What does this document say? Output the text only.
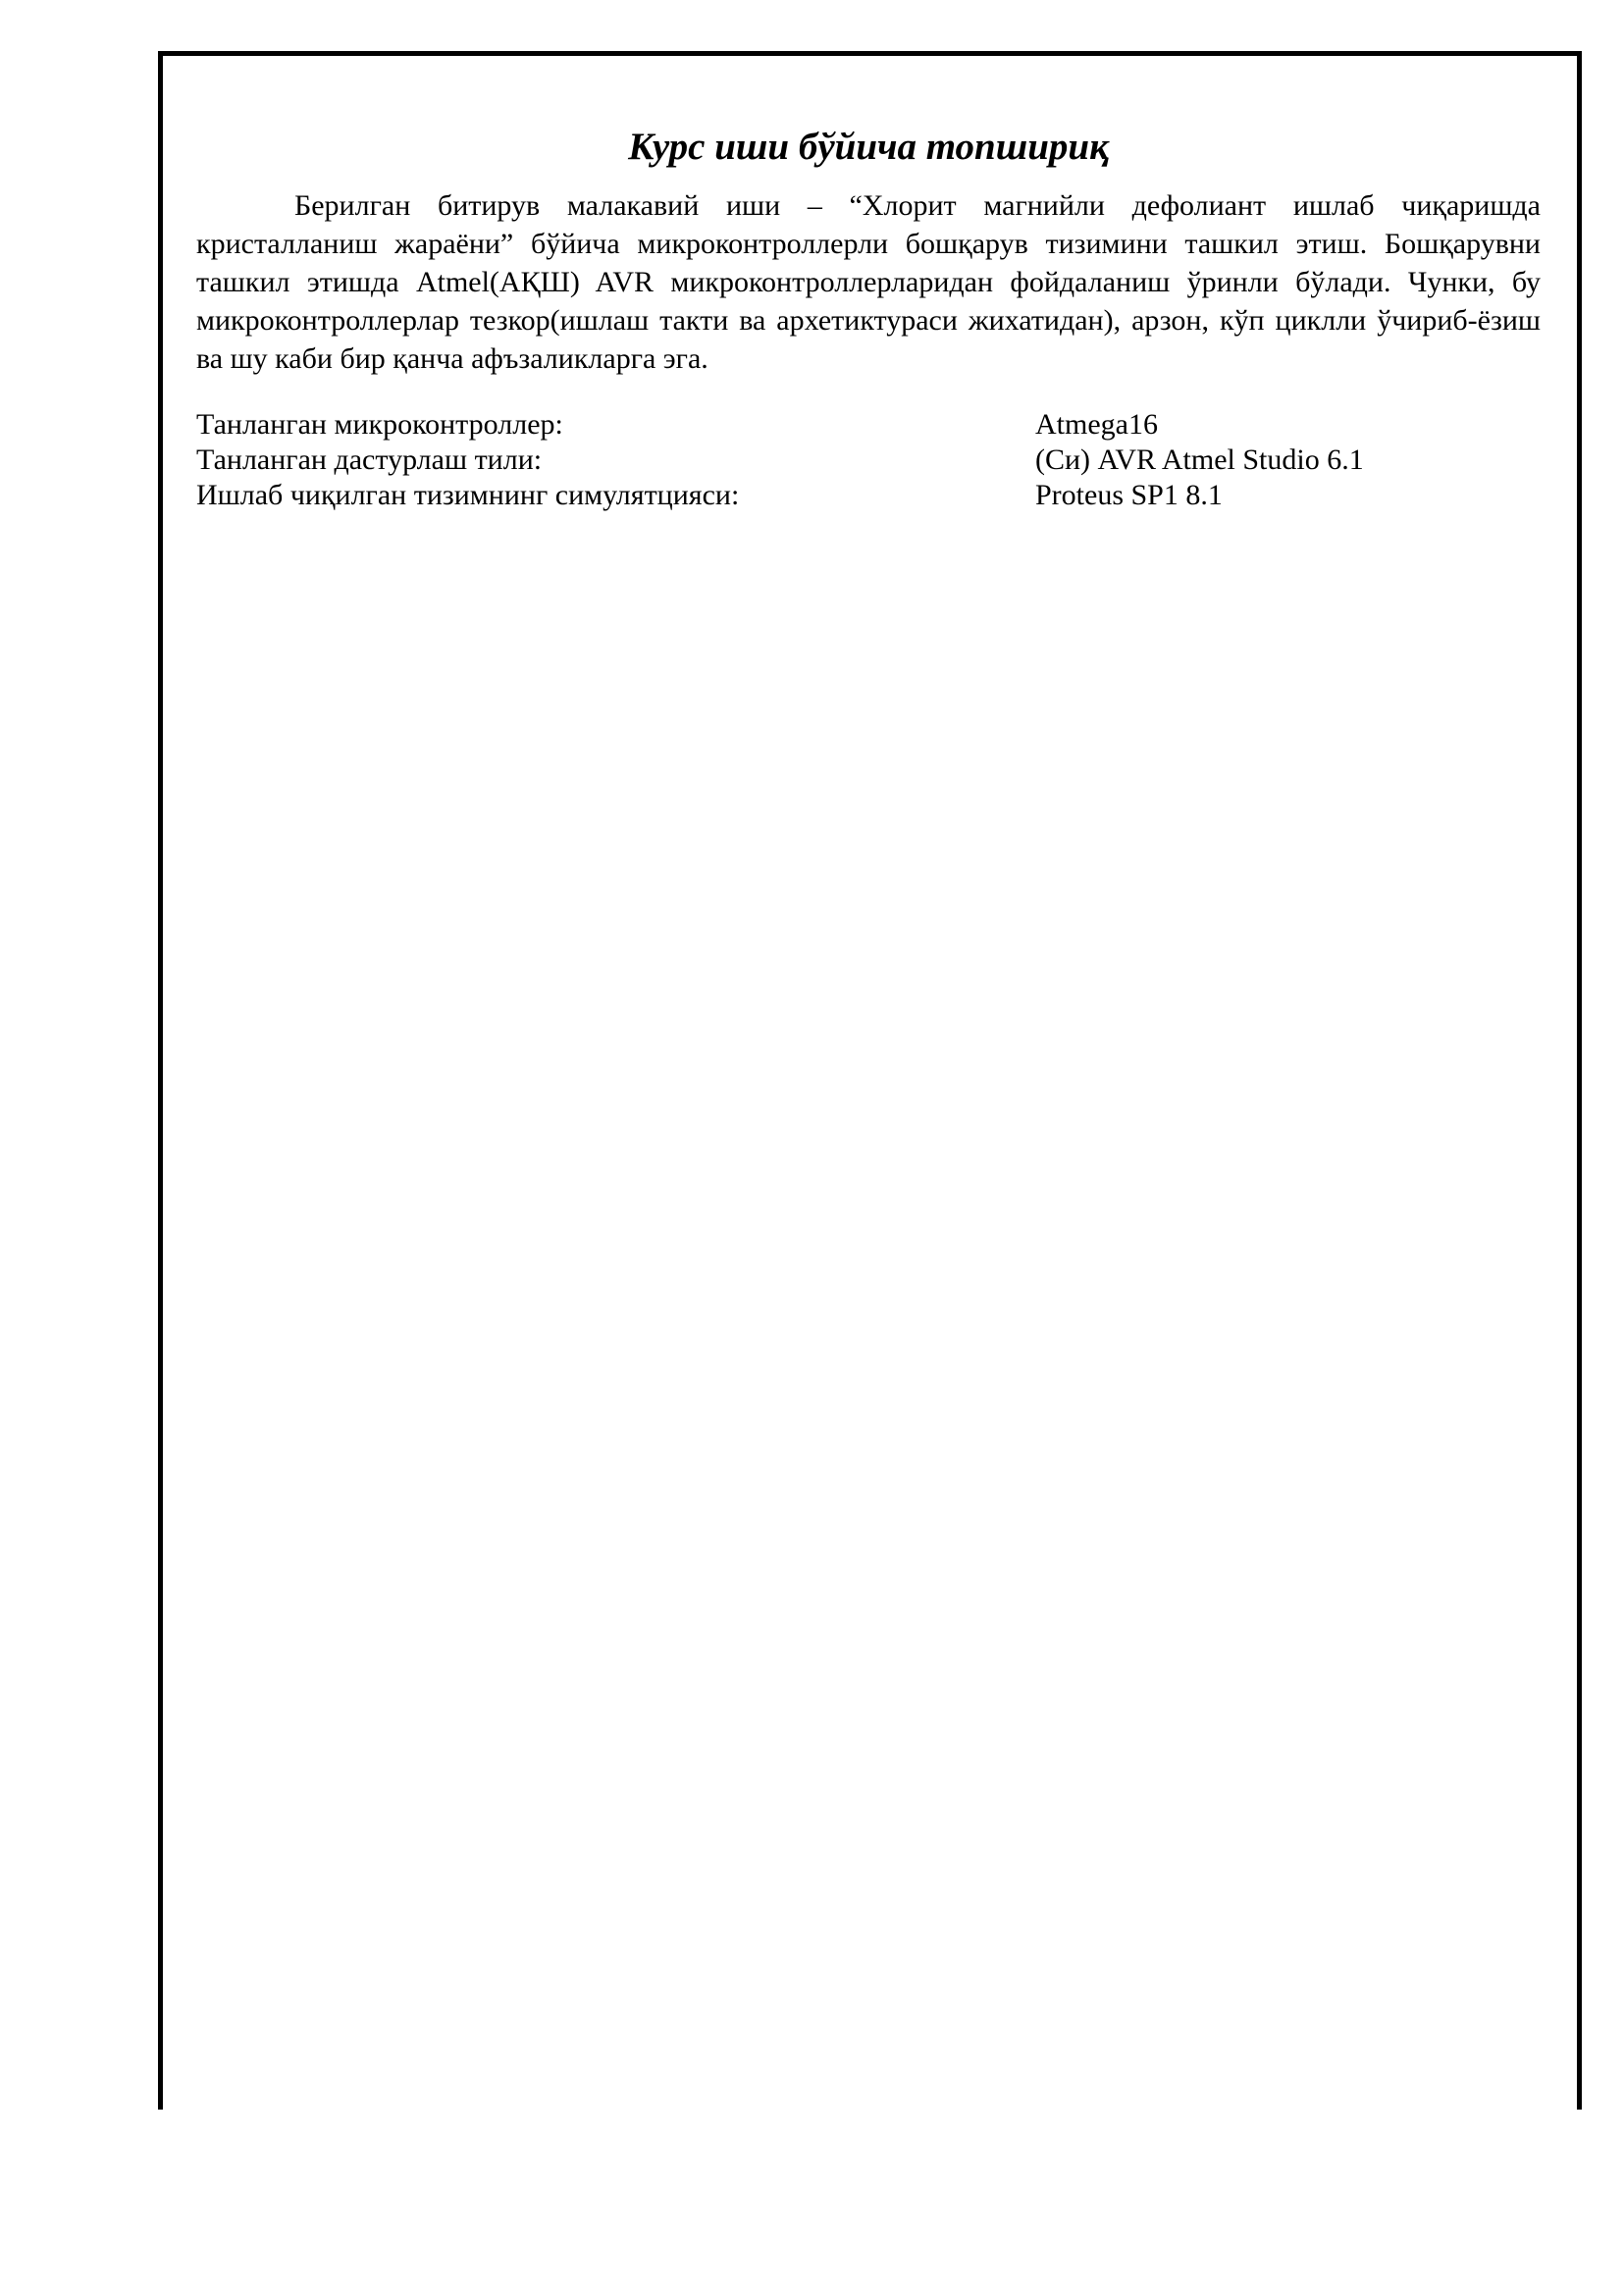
Курс иши бўйича топшириқ

Берилган битирув малакавий иши – “Хлорит магнийли дефолиант ишлаб чиқаришда кристалланиш жараёни” бўйича микроконтроллерли бошқарув тизимини ташкил этиш. Бошқарувни ташкил этишда Atmel(АҚШ) AVR микроконтроллерларидан фойдаланиш ўринли бўлади. Чунки, бу микроконтроллерлар тезкор(ишлаш такти ва архетиктураси жихатидан), арзон, кўп циклли ўчириб-ёзиш ва шу каби бир қанча афъзаликларга эга.

Танланган микроконтроллер:	Atmega16
Танланган дастурлаш тили:	(Си) AVR Atmel Studio 6.1
Ишлаб чиқилган тизимнинг симулятцияси:	Proteus SP1 8.1
